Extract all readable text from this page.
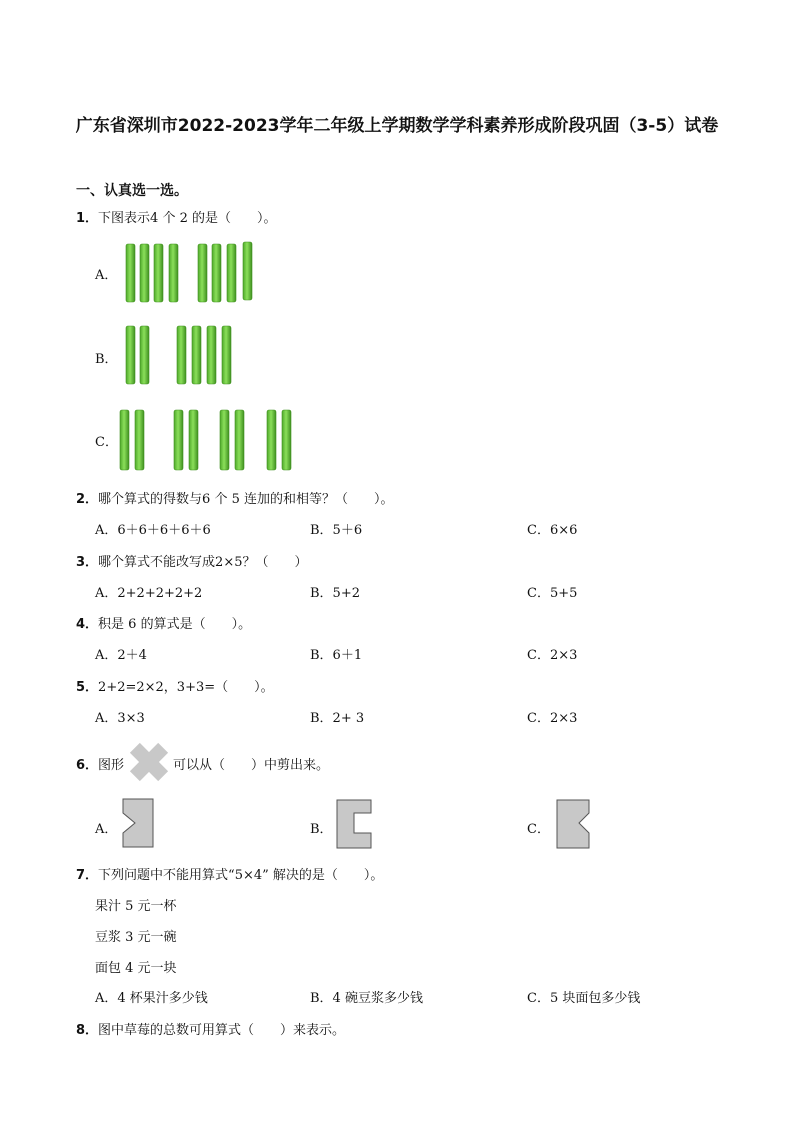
广东省深圳市2022-2023学年二年级上学期数学学科素养形成阶段巩固（3-5）试卷
一、认真选一选。
1．下图表示4 个 2 的是（　　）。
A．
B．
C．
2．哪个算式的得数与6 个 5 连加的和相等？（　　）。
A．6＋6＋6＋6＋6	B．5＋6	C．6×6
3．哪个算式不能改写成2×5？（　　）
A．2+2+2+2+2	B．5+2	C．5+5
4．积是 6 的算式是（　　）。
A．2＋4	B．6＋1	C．2×3
5．2+2=2×2，3+3=（　　）。
A．3×3	B．2+ 3	C．2×3
6．图形	可以从（　　）中剪出来。
A．	B．	C．
7．下列问题中不能用算式“5×4” 解决的是（　　）。
果汁 5 元一杯
豆浆 3 元一碗
面包 4 元一块
A．4 杯果汁多少钱	B．4 碗豆浆多少钱	C．5 块面包多少钱
8．图中草莓的总数可用算式（　　）来表示。
